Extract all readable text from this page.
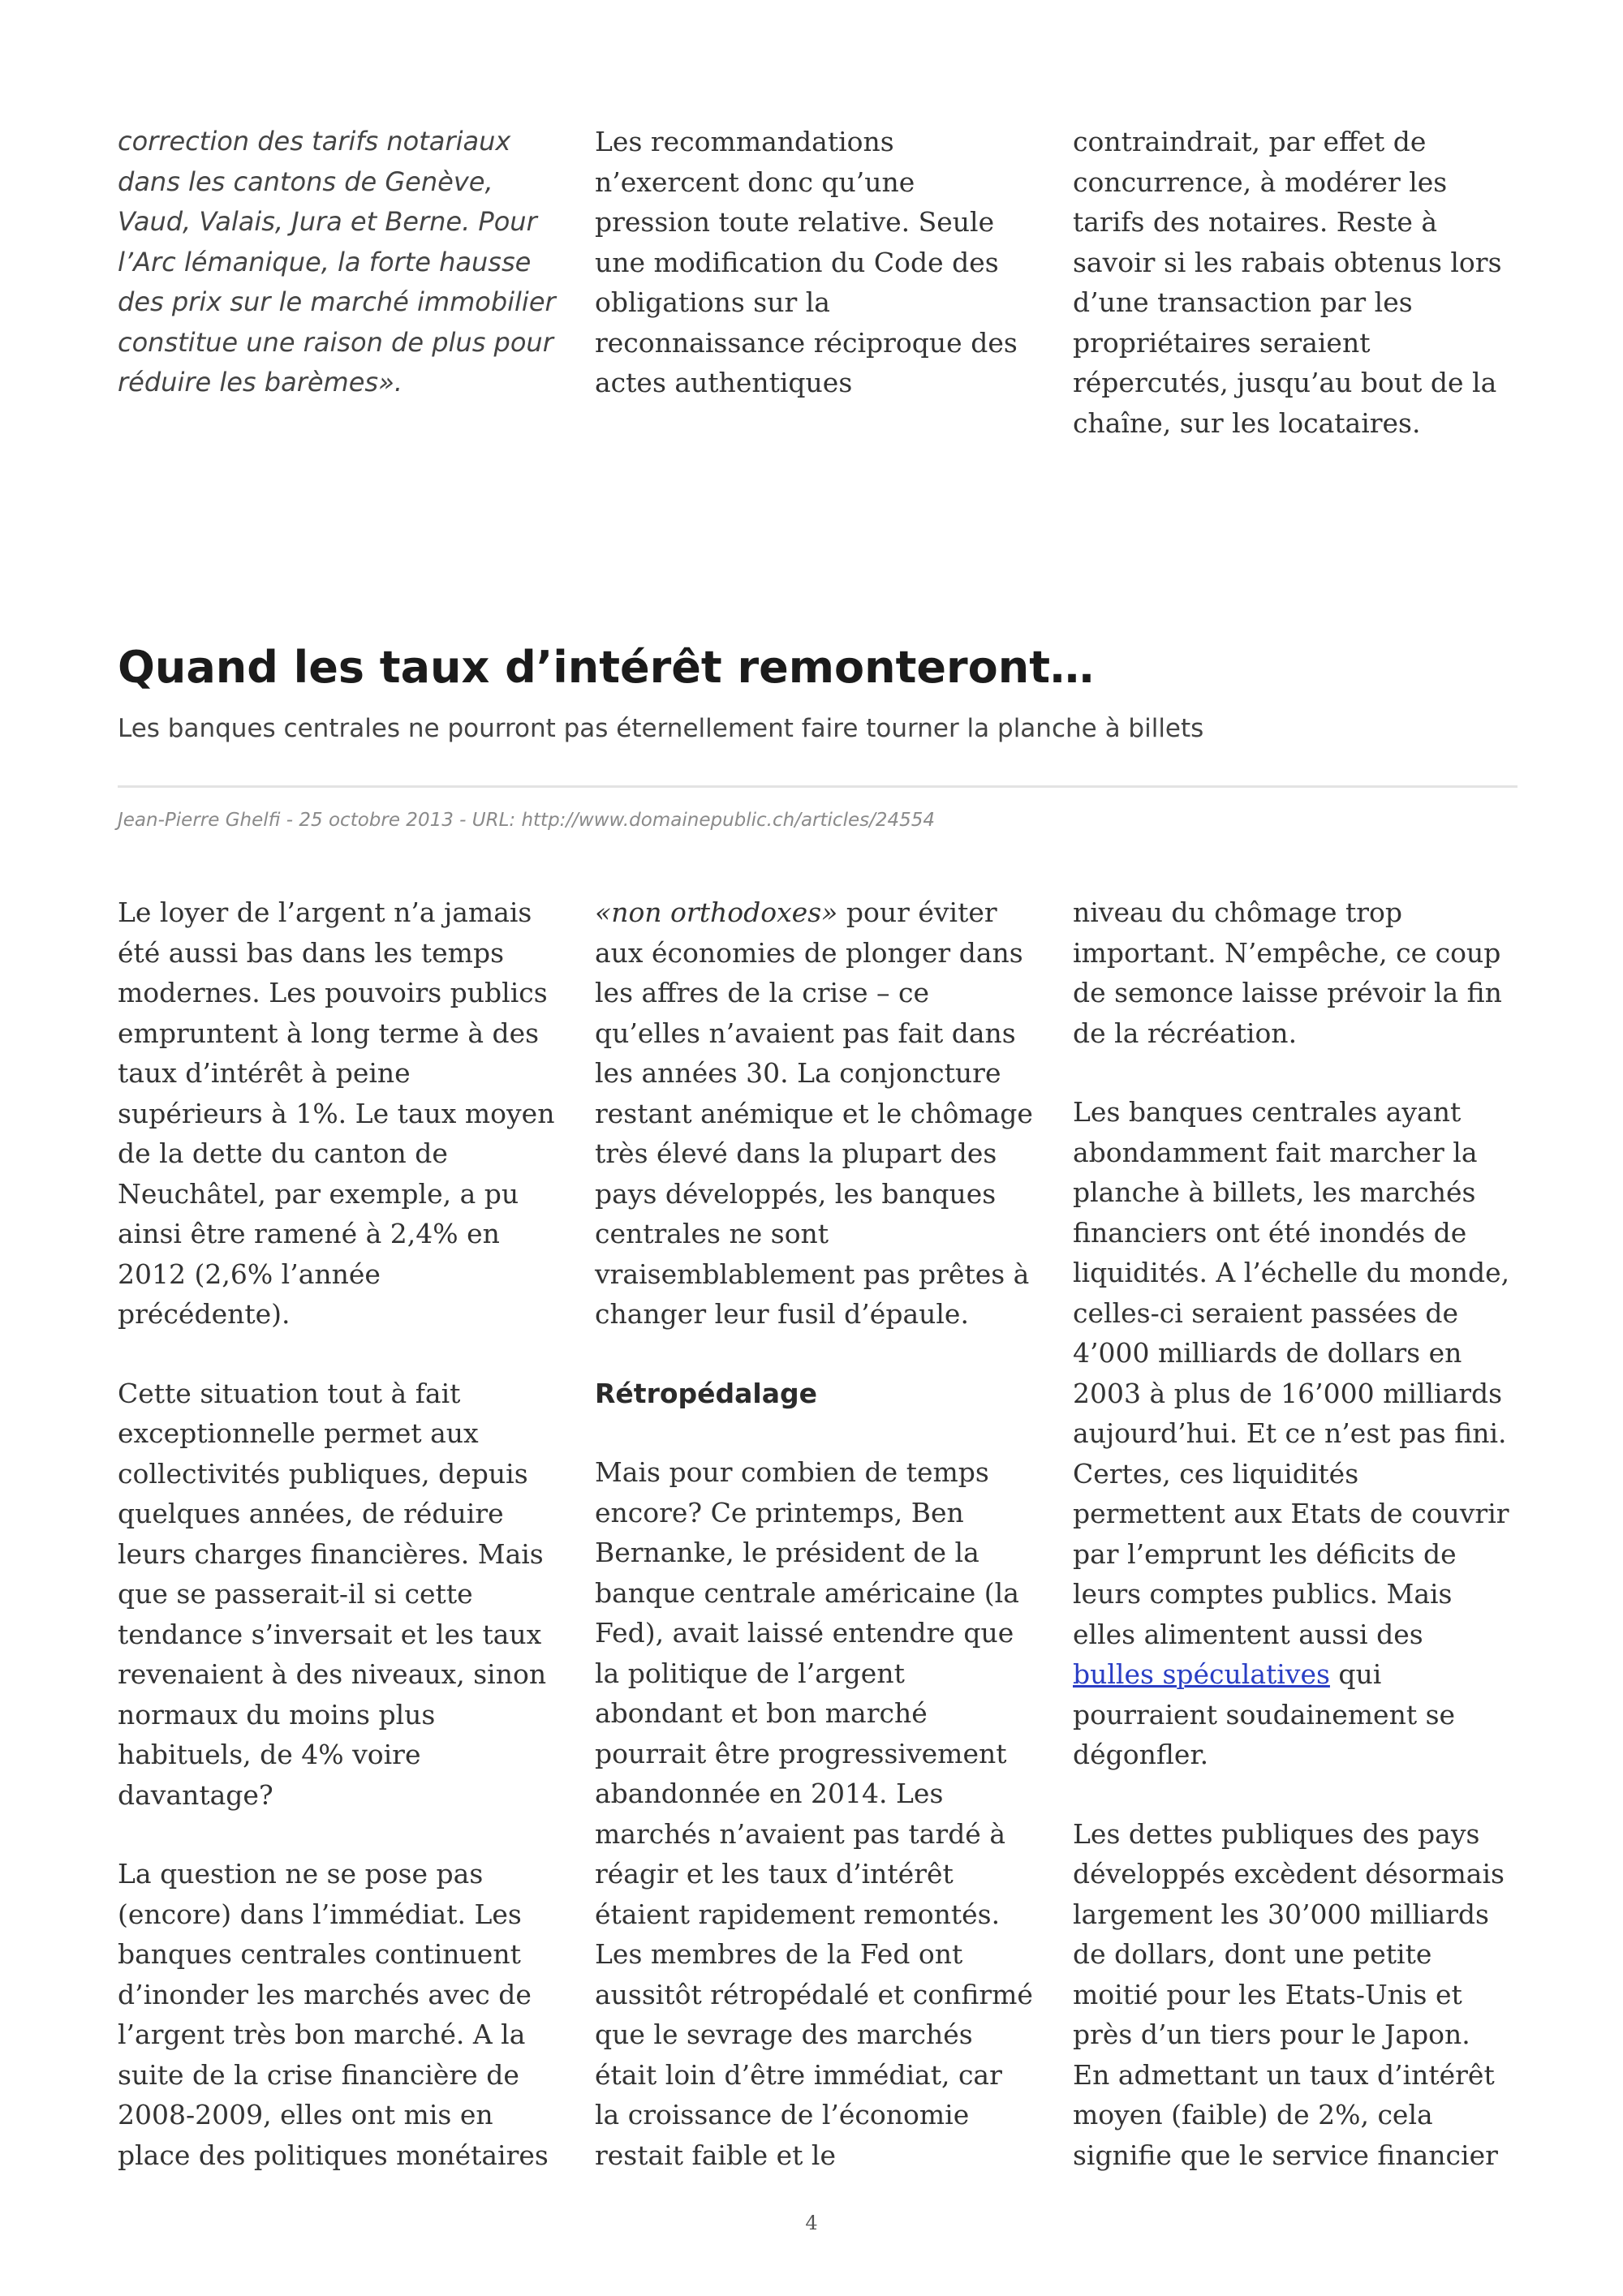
correction des tarifs notariaux dans les cantons de Genève, Vaud, Valais, Jura et Berne. Pour l’Arc lémanique, la forte hausse des prix sur le marché immobilier constitue une raison de plus pour réduire les barèmes».

Les recommandations n’exercent donc qu’une pression toute relative. Seule une modification du Code des obligations sur la reconnaissance réciproque des actes authentiques

contraindrait, par effet de concurrence, à modérer les tarifs des notaires. Reste à savoir si les rabais obtenus lors d’une transaction par les propriétaires seraient répercutés, jusqu’au bout de la chaîne, sur les locataires.

Quand les taux d’intérêt remonteront…

Les banques centrales ne pourront pas éternellement faire tourner la planche à billets

Jean-Pierre Ghelfi - 25 octobre 2013 - URL: http://www.domainepublic.ch/articles/24554

Le loyer de l’argent n’a jamais été aussi bas dans les temps modernes. Les pouvoirs publics empruntent à long terme à des taux d’intérêt à peine supérieurs à 1%. Le taux moyen de la dette du canton de Neuchâtel, par exemple, a pu ainsi être ramené à 2,4% en 2012 (2,6% l’année précédente).

Cette situation tout à fait exceptionnelle permet aux collectivités publiques, depuis quelques années, de réduire leurs charges financières. Mais que se passerait-il si cette tendance s’inversait et les taux revenaient à des niveaux, sinon normaux du moins plus habituels, de 4% voire davantage?

La question ne se pose pas (encore) dans l’immédiat. Les banques centrales continuent d’inonder les marchés avec de l’argent très bon marché. A la suite de la crise financière de 2008-2009, elles ont mis en place des politiques monétaires

«non orthodoxes» pour éviter aux économies de plonger dans les affres de la crise – ce qu’elles n’avaient pas fait dans les années 30. La conjoncture restant anémique et le chômage très élevé dans la plupart des pays développés, les banques centrales ne sont vraisemblablement pas prêtes à changer leur fusil d’épaule.

Rétropédalage

Mais pour combien de temps encore? Ce printemps, Ben Bernanke, le président de la banque centrale américaine (la Fed), avait laissé entendre que la politique de l’argent abondant et bon marché pourrait être progressivement abandonnée en 2014. Les marchés n’avaient pas tardé à réagir et les taux d’intérêt étaient rapidement remontés. Les membres de la Fed ont aussitôt rétropédalé et confirmé que le sevrage des marchés était loin d’être immédiat, car la croissance de l’économie restait faible et le

niveau du chômage trop important. N’empêche, ce coup de semonce laisse prévoir la fin de la récréation.

Les banques centrales ayant abondamment fait marcher la planche à billets, les marchés financiers ont été inondés de liquidités. A l’échelle du monde, celles-ci seraient passées de 4’000 milliards de dollars en 2003 à plus de 16’000 milliards aujourd’hui. Et ce n’est pas fini. Certes, ces liquidités permettent aux Etats de couvrir par l’emprunt les déficits de leurs comptes publics. Mais elles alimentent aussi des bulles spéculatives qui pourraient soudainement se dégonfler.

Les dettes publiques des pays développés excèdent désormais largement les 30’000 milliards de dollars, dont une petite moitié pour les Etats-Unis et près d’un tiers pour le Japon. En admettant un taux d’intérêt moyen (faible) de 2%, cela signifie que le service financier

4
